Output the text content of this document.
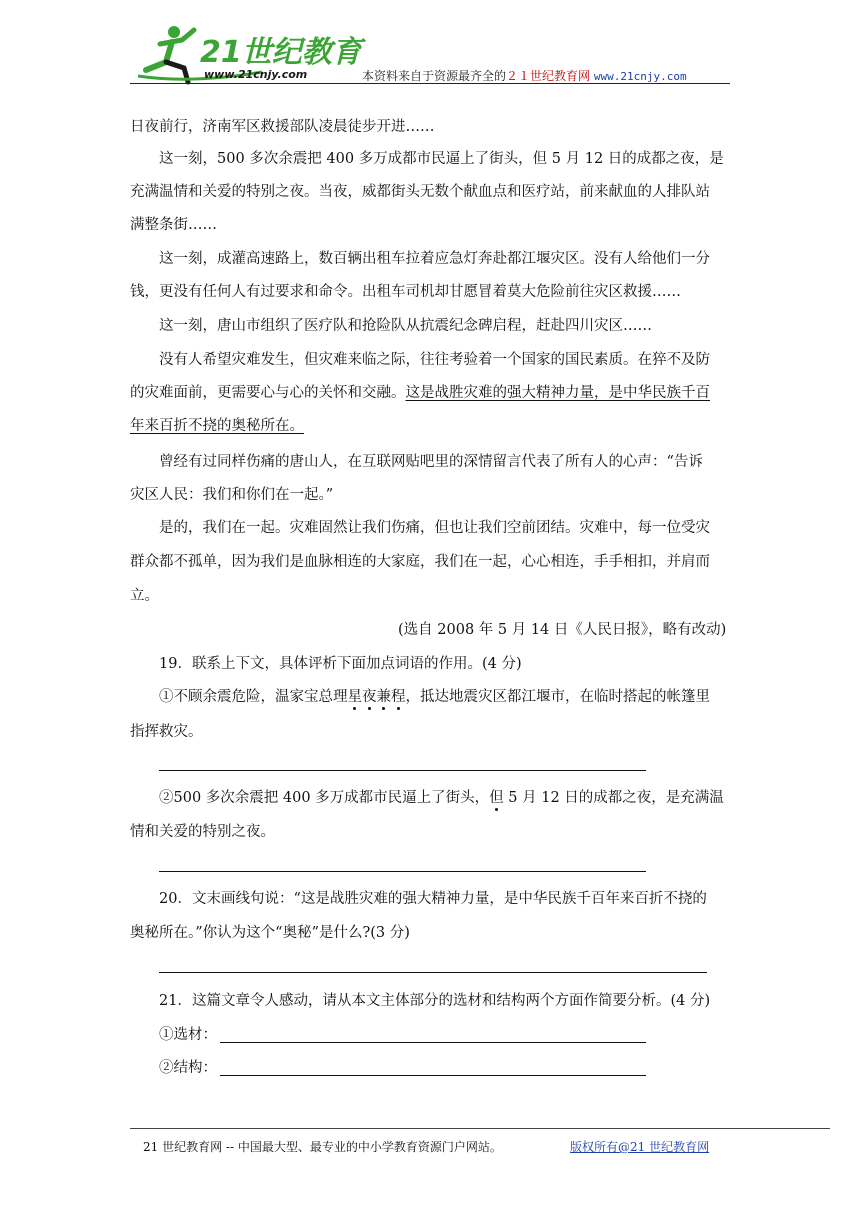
21世纪教育
www.21cnjy.com	本资料来自于资源最齐全的２１世纪教育网 www.21cnjy.com
日夜前行，济南军区救援部队凌晨徒步开进……
这一刻，500 多次余震把 400 多万成都市民逼上了街头，但 5 月 12 日的成都之夜，是
充满温情和关爱的特别之夜。当夜，威都街头无数个献血点和医疗站，前来献血的人排队站
满整条街……
这一刻，成灌高速路上，数百辆出租车拉着应急灯奔赴都江堰灾区。没有人给他们一分
钱，更没有任何人有过要求和命令。出租车司机却甘愿冒着莫大危险前往灾区救援……
这一刻，唐山市组织了医疗队和抢险队从抗震纪念碑启程，赶赴四川灾区……
没有人希望灾难发生，但灾难来临之际，往往考验着一个国家的国民素质。在猝不及防
的灾难面前，更需要心与心的关怀和交融。这是战胜灾难的强大精神力量，是中华民族千百
年来百折不挠的奥秘所在。
曾经有过同样伤痛的唐山人，在互联网贴吧里的深情留言代表了所有人的心声：“告诉
灾区人民：我们和你们在一起。”
是的，我们在一起。灾难固然让我们伤痛，但也让我们空前团结。灾难中，每一位受灾
群众都不孤单，因为我们是血脉相连的大家庭，我们在一起，心心相连，手手相扣，并肩而
立。
(选自 2008 年 5 月 14 日《人民日报》，略有改动)
19．联系上下文，具体评析下面加点词语的作用。(4 分)
①不顾余震危险，温家宝总理星夜兼程，抵达地震灾区都江堰市，在临时搭起的帐篷里
指挥救灾。
②500 多次余震把 400 多万成都市民逼上了街头，但 5 月 12 日的成都之夜，是充满温
情和关爱的特别之夜。
20．文末画线句说：“这是战胜灾难的强大精神力量，是中华民族千百年来百折不挠的
奥秘所在。”你认为这个“奥秘”是什么?(3 分)
21．这篇文章令人感动，请从本文主体部分的选材和结构两个方面作简要分析。(4 分)
①选材：
②结构：
21 世纪教育网 -- 中国最大型、最专业的中小学教育资源门户网站。	版权所有@21 世纪教育网
